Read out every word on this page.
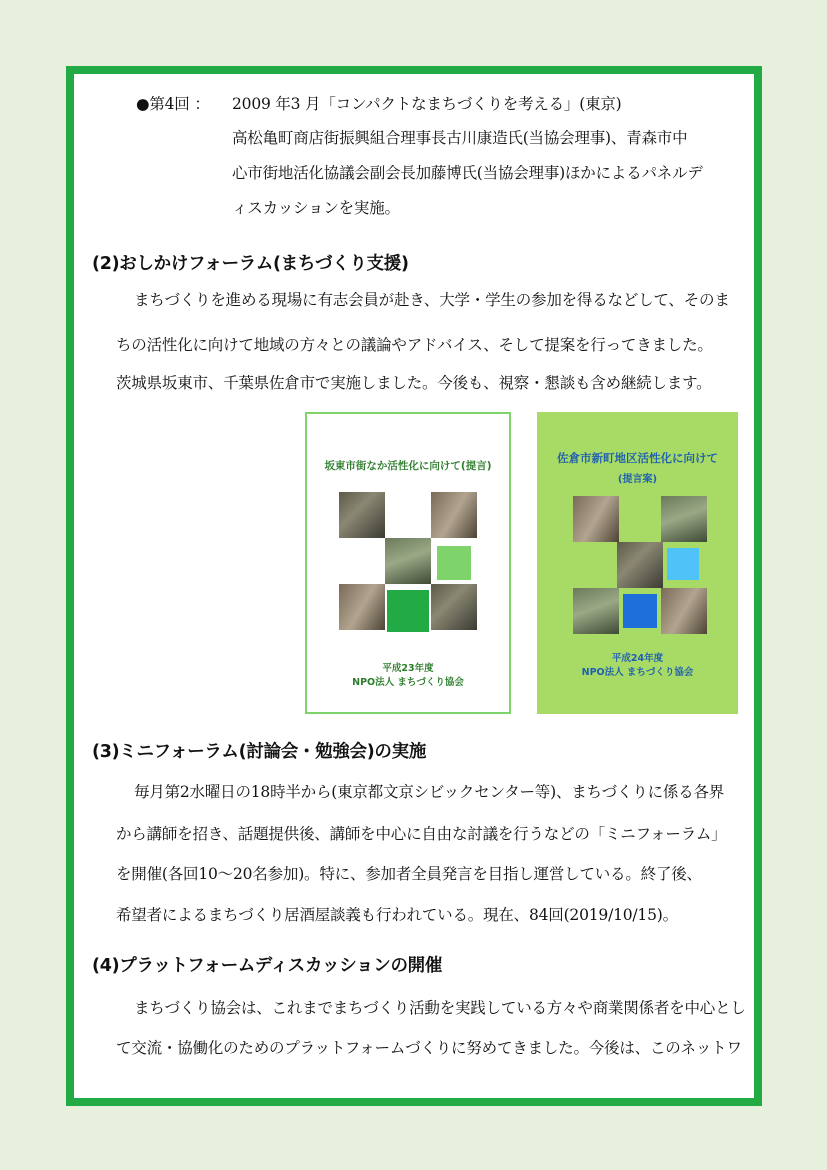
●第4回 ： 2009 年3 月「コンパクトなまちづくりを考える」(東京)
高松亀町商店街振興組合理事長古川康造氏(当協会理事)、青森市中
心市街地活化協議会副会長加藤博氏(当協会理事)ほかによるパネルデ
ィスカッションを実施。
(2)おしかけフォーラム(まちづくり支援)
まちづくりを進める現場に有志会員が赴き、大学・学生の参加を得るなどして、そのま
ちの活性化に向けて地域の方々との議論やアドバイス、そして提案を行ってきました。
茨城県坂東市、千葉県佐倉市で実施しました。今後も、視察・懇談も含め継続します。
坂東市街なか活性化に向けて(提言)
平成23年度
NPO法人 まちづくり協会
佐倉市新町地区活性化に向けて
(提言案)
平成24年度
NPO法人 まちづくり協会
(3)ミニフォーラム(討論会・勉強会)の実施
毎月第2水曜日の18時半から(東京都文京シビックセンター等)、まちづくりに係る各界
から講師を招き、話題提供後、講師を中心に自由な討議を行うなどの「ミニフォーラム」
を開催(各回10～20名参加)。特に、参加者全員発言を目指し運営している。終了後、
希望者によるまちづくり居酒屋談義も行われている。現在、84回(2019/10/15)。
(4)プラットフォームディスカッションの開催
まちづくり協会は、これまでまちづくり活動を実践している方々や商業関係者を中心とし
て交流・協働化のためのプラットフォームづくりに努めてきました。今後は、このネットワ
